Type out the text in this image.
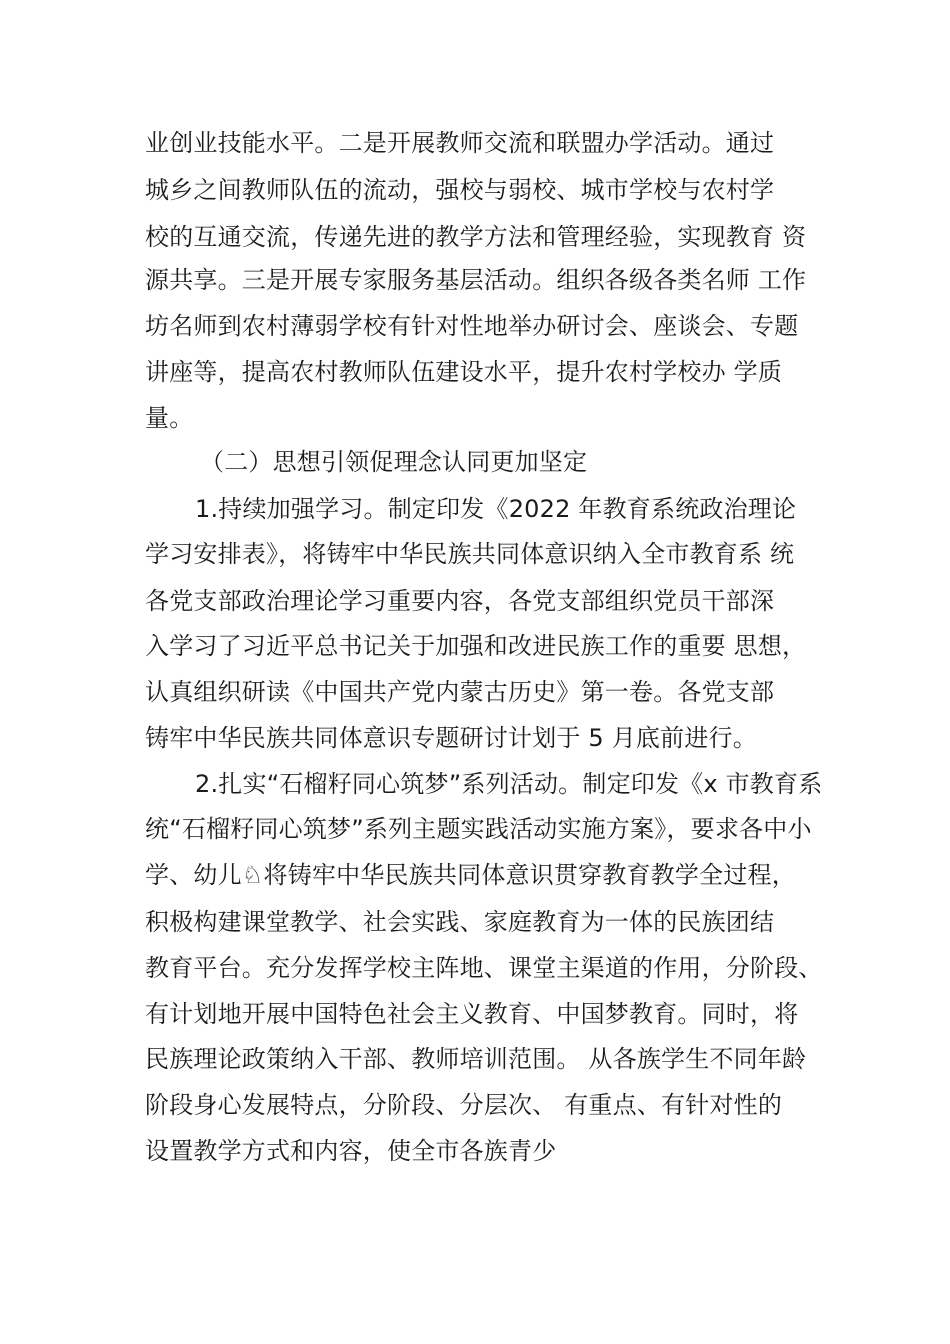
业创业技能水平。二是开展教师交流和联盟办学活动。通过
城乡之间教师队伍的流动，强校与弱校、城市学校与农村学
校的互通交流，传递先进的教学方法和管理经验，实现教育 资
源共享。三是开展专家服务基层活动。组织各级各类名师 工作
坊名师到农村薄弱学校有针对性地举办研讨会、座谈会、专题
讲座等，提高农村教师队伍建设水平，提升农村学校办 学质
量。
（二）思想引领促理念认同更加坚定
1.持续加强学习。制定印发《2022 年教育系统政治理论
学习安排表》，将铸牢中华民族共同体意识纳入全市教育系 统
各党支部政治理论学习重要内容，各党支部组织党员干部深
入学习了习近平总书记关于加强和改进民族工作的重要 思想，
认真组织研读《中国共产党内蒙古历史》第一卷。各党支部
铸牢中华民族共同体意识专题研讨计划于 5 月底前进行。
2.扎实“石榴籽同心筑梦”系列活动。制定印发《x 市教育系
统“石榴籽同心筑梦”系列主题实践活动实施方案》，要求各中小
学、幼儿♘将铸牢中华民族共同体意识贯穿教育教学全过程，
积极构建课堂教学、社会实践、家庭教育为一体的民族团结
教育平台。充分发挥学校主阵地、课堂主渠道的作用，分阶段、
有计划地开展中国特色社会主义教育、中国梦教育。同时，将
民族理论政策纳入干部、教师培训范围。 从各族学生不同年龄
阶段身心发展特点，分阶段、分层次、 有重点、有针对性的
设置教学方式和内容，使全市各族青少
